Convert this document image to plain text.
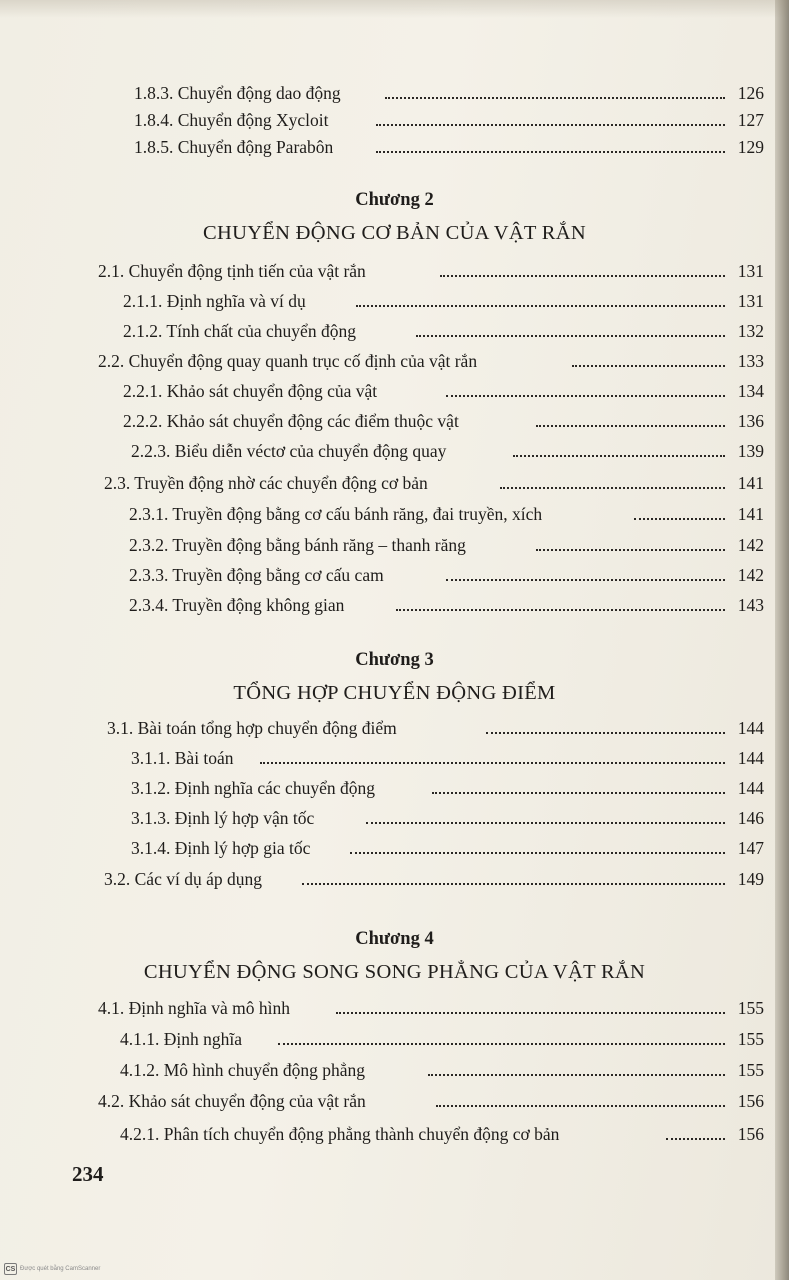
1.8.3. Chuyển động dao động	126
1.8.4. Chuyển động Xycloit	127
1.8.5. Chuyển động Parabôn	129
Chương 2
CHUYỂN ĐỘNG CƠ BẢN CỦA VẬT RẮN
2.1. Chuyển động tịnh tiến của vật rắn	131
2.1.1. Định nghĩa và ví dụ	131
2.1.2. Tính chất của chuyển động	132
2.2. Chuyển động quay quanh trục cố định của vật rắn	133
2.2.1. Khảo sát chuyển động của vật	134
2.2.2. Khảo sát chuyển động các điểm thuộc vật	136
2.2.3. Biểu diễn véctơ của chuyển động quay	139
2.3. Truyền động nhờ các chuyển động cơ bản	141
2.3.1. Truyền động bằng cơ cấu bánh răng, đai truyền, xích	141
2.3.2. Truyền động bằng bánh răng – thanh răng	142
2.3.3. Truyền động bằng cơ cấu cam	142
2.3.4. Truyền động không gian	143
Chương 3
TỔNG HỢP CHUYỂN ĐỘNG ĐIỂM
3.1. Bài toán tổng hợp chuyển động điểm	144
3.1.1. Bài toán	144
3.1.2. Định nghĩa các chuyển động	144
3.1.3. Định lý hợp vận tốc	146
3.1.4. Định lý hợp gia tốc	147
3.2. Các ví dụ áp dụng	149
Chương 4
CHUYỂN ĐỘNG SONG SONG PHẲNG CỦA VẬT RẮN
4.1. Định nghĩa và mô hình	155
4.1.1. Định nghĩa	155
4.1.2. Mô hình chuyển động phẳng	155
4.2. Khảo sát chuyển động của vật rắn	156
4.2.1. Phân tích chuyển động phẳng thành chuyển động cơ bản	156
234
CS Được quét bằng CamScanner
